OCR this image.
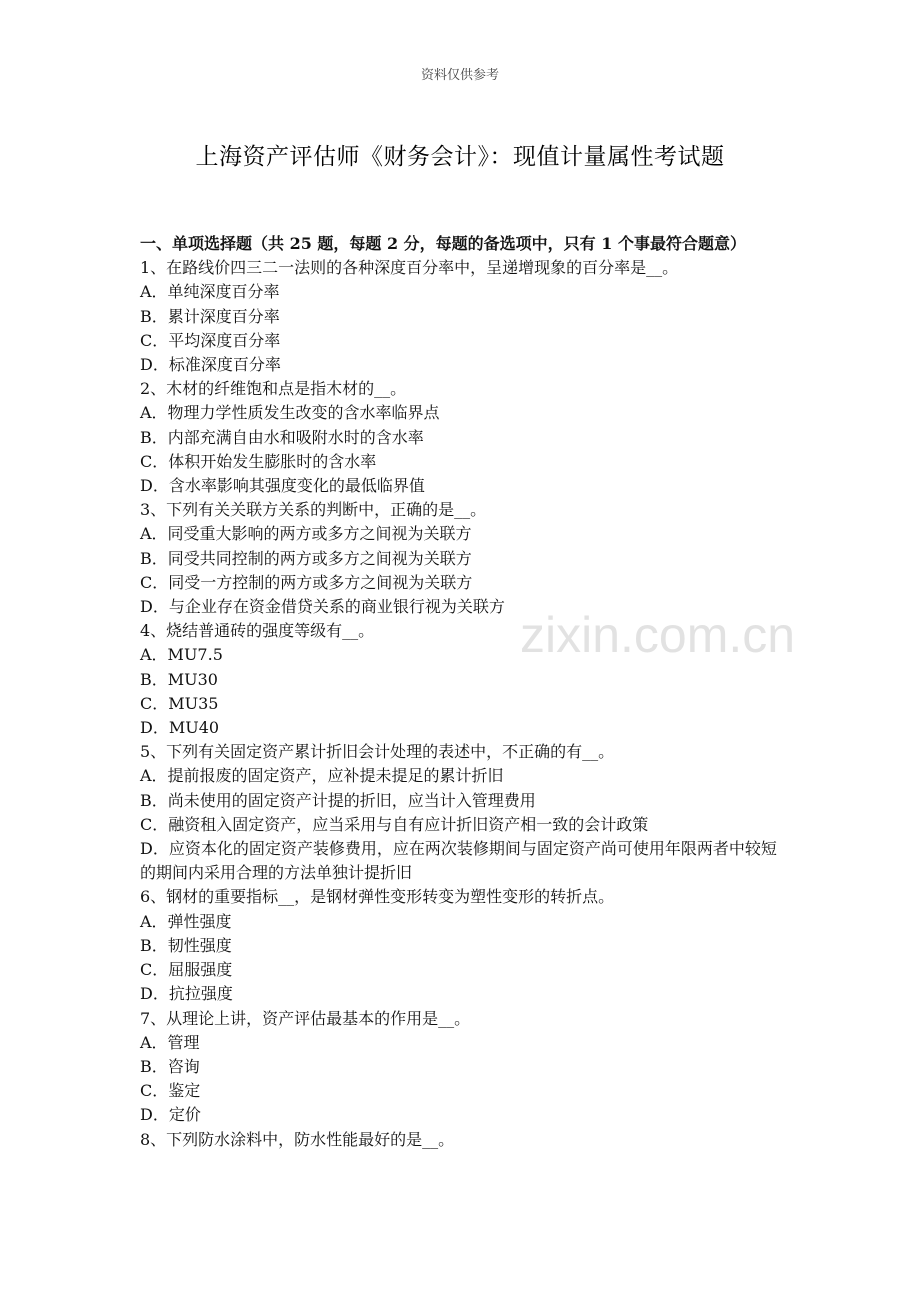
资料仅供参考
上海资产评估师《财务会计》：现值计量属性考试题
zixin.com.cn
一、单项选择题（共 25 题，每题 2 分，每题的备选项中，只有 1 个事最符合题意）
1、在路线价四三二一法则的各种深度百分率中，呈递增现象的百分率是__。
A．单纯深度百分率
B．累计深度百分率
C．平均深度百分率
D．标准深度百分率
2、木材的纤维饱和点是指木材的__。
A．物理力学性质发生改变的含水率临界点
B．内部充满自由水和吸附水时的含水率
C．体积开始发生膨胀时的含水率
D．含水率影响其强度变化的最低临界值
3、下列有关关联方关系的判断中，正确的是__。
A．同受重大影响的两方或多方之间视为关联方
B．同受共同控制的两方或多方之间视为关联方
C．同受一方控制的两方或多方之间视为关联方
D．与企业存在资金借贷关系的商业银行视为关联方
4、烧结普通砖的强度等级有__。
A．MU7.5
B．MU30
C．MU35
D．MU40
5、下列有关固定资产累计折旧会计处理的表述中，不正确的有__。
A．提前报废的固定资产，应补提未提足的累计折旧
B．尚未使用的固定资产计提的折旧，应当计入管理费用
C．融资租入固定资产，应当采用与自有应计折旧资产相一致的会计政策
D．应资本化的固定资产装修费用，应在两次装修期间与固定资产尚可使用年限两者中较短的期间内采用合理的方法单独计提折旧
6、钢材的重要指标__，是钢材弹性变形转变为塑性变形的转折点。
A．弹性强度
B．韧性强度
C．屈服强度
D．抗拉强度
7、从理论上讲，资产评估最基本的作用是__。
A．管理
B．咨询
C．鉴定
D．定价
8、下列防水涂料中，防水性能最好的是__。
